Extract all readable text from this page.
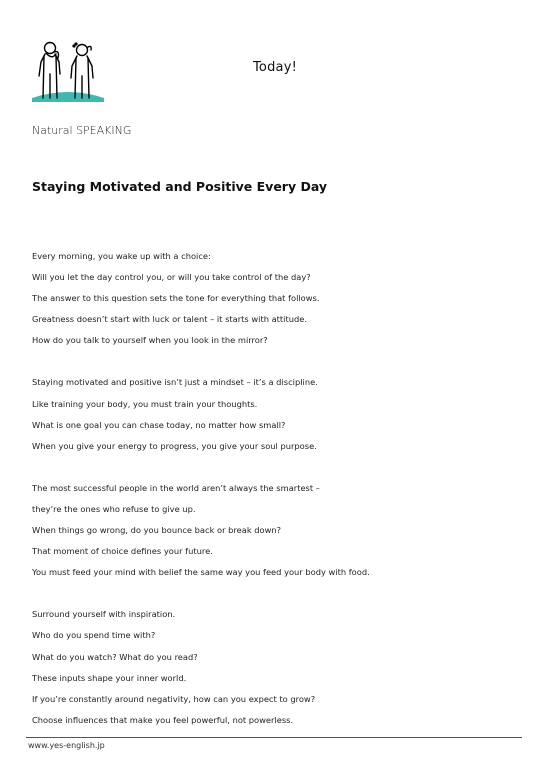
Today!
Natural SPEAKING
Staying Motivated and Positive Every Day
Every morning, you wake up with a choice:
Will you let the day control you, or will you take control of the day?
The answer to this question sets the tone for everything that follows.
Greatness doesn’t start with luck or talent – it starts with attitude.
How do you talk to yourself when you look in the mirror?
Staying motivated and positive isn’t just a mindset – it’s a discipline.
Like training your body, you must train your thoughts.
What is one goal you can chase today, no matter how small?
When you give your energy to progress, you give your soul purpose.
The most successful people in the world aren’t always the smartest –
they’re the ones who refuse to give up.
When things go wrong, do you bounce back or break down?
That moment of choice defines your future.
You must feed your mind with belief the same way you feed your body with food.
Surround yourself with inspiration.
Who do you spend time with?
What do you watch? What do you read?
These inputs shape your inner world.
If you’re constantly around negativity, how can you expect to grow?
Choose influences that make you feel powerful, not powerless.
www.yes-english.jp
